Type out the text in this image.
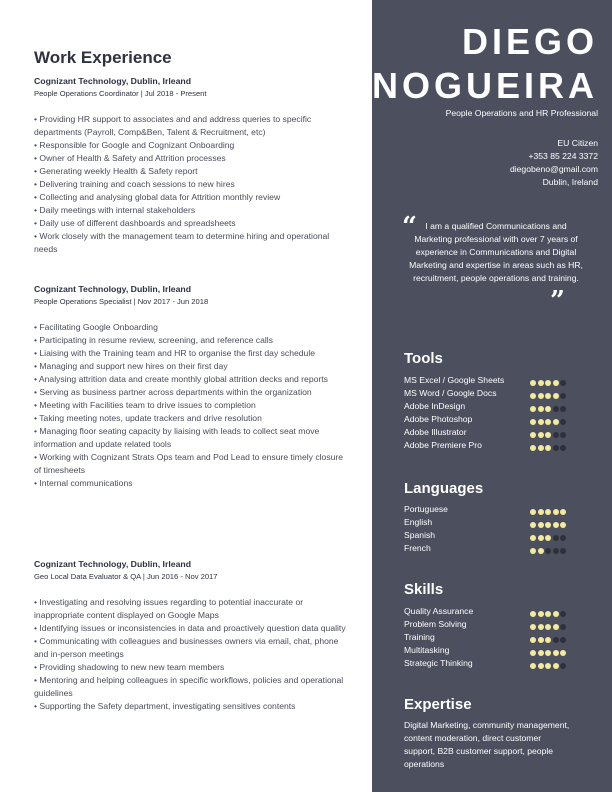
Work Experience
Cognizant Technology, Dublin, Irleand
People Operations Coordinator | Jul 2018 - Present
• Providing HR support to associates and and address queries to specific departments (Payroll, Comp&Ben, Talent & Recruitment, etc)
• Responsible for Google and Cognizant Onboarding
• Owner of Health & Safety and Attrition processes
• Generating weekly Health & Safety report
• Delivering training and coach sessions to new hires
• Collecting and analysing global data for Attrition monthly review
• Daily meetings with internal stakeholders
• Daily use of different dashboards and spreadsheets
• Work closely with the management team to determine hiring and operational needs
Cognizant Technology, Dublin, Irleand
People Operations Specialist | Nov 2017 - Jun 2018
• Facilitating Google Onboarding
• Participating in resume review, screening, and reference calls
• Liaising with the Training team and HR to organise the first day schedule
• Managing and support new hires on their first day
• Analysing attrition data and create monthly global attrition decks and reports
• Serving as business partner across departments within the organization
• Meeting with Facilities team to drive issues to completion
• Taking meeting notes, update trackers and drive resolution
• Managing floor seating capacity by liaising with leads to collect seat move information and update related tools
• Working with Cognizant Strats Ops team and Pod Lead to ensure timely closure of timesheets
• Internal communications
Cognizant Technology, Dublin, Irleand
Geo Local Data Evaluator & QA | Jun 2016 - Nov 2017
• Investigating and resolving issues regarding to potential inaccurate or inappropriate content displayed on Google Maps
• Identifying issues or inconsistencies in data and proactively question data quality
• Communicating with colleagues and businesses owners via email, chat, phone and in-person meetings
• Providing shadowing to new new team members
• Mentoring and helping colleagues in specific workflows, policies and operational guidelines
• Supporting the Safety department, investigating sensitives contents
DIEGO
NOGUEIRA
People Operations and HR Professional
EU Citizen
+353 85 224 3372
diegobeno@gmail.com
Dublin, Ireland
“ I am a qualified Communications and Marketing professional with over 7 years of experience in Communications and Digital Marketing and expertise in areas such as HR, recruitment, people operations and training.
”
Tools
MS Excel / Google Sheets
MS Word / Google Docs
Adobe InDesign
Adobe Photoshop
Adobe Illustrator
Adobe Premiere Pro
Languages
Portuguese
English
Spanish
French
Skills
Quality Assurance
Problem Solving
Training
Multitasking
Strategic Thinking
Expertise
Digital Marketing, community management, content moderation, direct customer support, B2B customer support, people operations
